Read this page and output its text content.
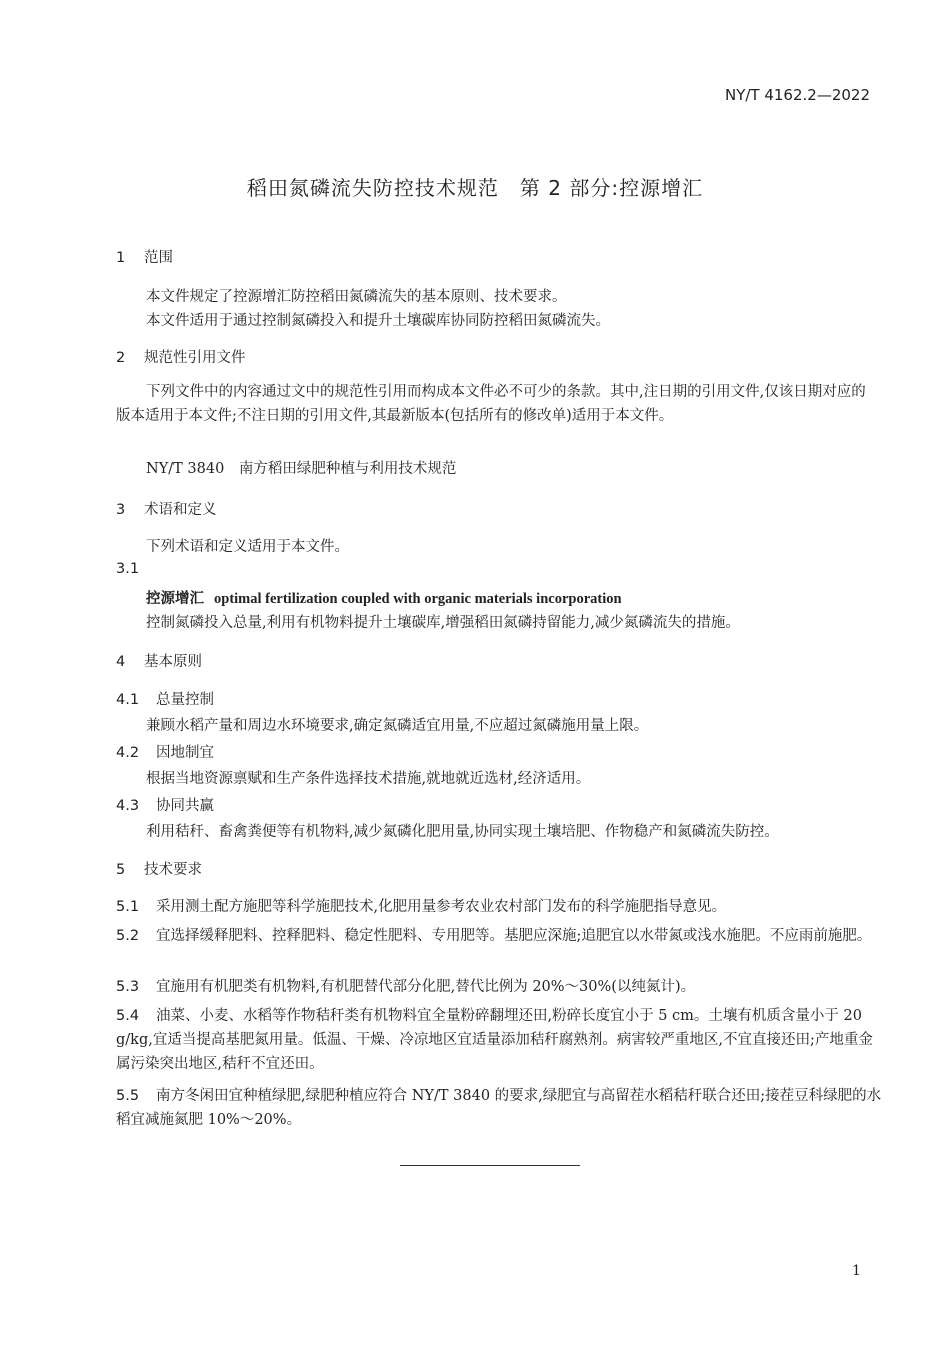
NY/T 4162.2—2022
稻田氮磷流失防控技术规范　第 2 部分:控源增汇
1 范围
本文件规定了控源增汇防控稻田氮磷流失的基本原则、技术要求。
本文件适用于通过控制氮磷投入和提升土壤碳库协同防控稻田氮磷流失。
2 规范性引用文件
下列文件中的内容通过文中的规范性引用而构成本文件必不可少的条款。其中,注日期的引用文件,仅该日期对应的版本适用于本文件;不注日期的引用文件,其最新版本(包括所有的修改单)适用于本文件。
NY/T 3840　南方稻田绿肥种植与利用技术规范
3 术语和定义
下列术语和定义适用于本文件。
3.1
控源增汇 optimal fertilization coupled with organic materials incorporation
控制氮磷投入总量,利用有机物料提升土壤碳库,增强稻田氮磷持留能力,减少氮磷流失的措施。
4 基本原则
4.1 总量控制
兼顾水稻产量和周边水环境要求,确定氮磷适宜用量,不应超过氮磷施用量上限。
4.2 因地制宜
根据当地资源禀赋和生产条件选择技术措施,就地就近选材,经济适用。
4.3 协同共赢
利用秸秆、畜禽粪便等有机物料,减少氮磷化肥用量,协同实现土壤培肥、作物稳产和氮磷流失防控。
5 技术要求
5.1 采用测土配方施肥等科学施肥技术,化肥用量参考农业农村部门发布的科学施肥指导意见。
5.2 宜选择缓释肥料、控释肥料、稳定性肥料、专用肥等。基肥应深施;追肥宜以水带氮或浅水施肥。不应雨前施肥。
5.3 宜施用有机肥类有机物料,有机肥替代部分化肥,替代比例为 20%～30%(以纯氮计)。
5.4 油菜、小麦、水稻等作物秸秆类有机物料宜全量粉碎翻埋还田,粉碎长度宜小于 5 cm。土壤有机质含量小于 20 g/kg,宜适当提高基肥氮用量。低温、干燥、冷凉地区宜适量添加秸秆腐熟剂。病害较严重地区,不宜直接还田;产地重金属污染突出地区,秸秆不宜还田。
5.5 南方冬闲田宜种植绿肥,绿肥种植应符合 NY/T 3840 的要求,绿肥宜与高留茬水稻秸秆联合还田;接茬豆科绿肥的水稻宜减施氮肥 10%～20%。
1
